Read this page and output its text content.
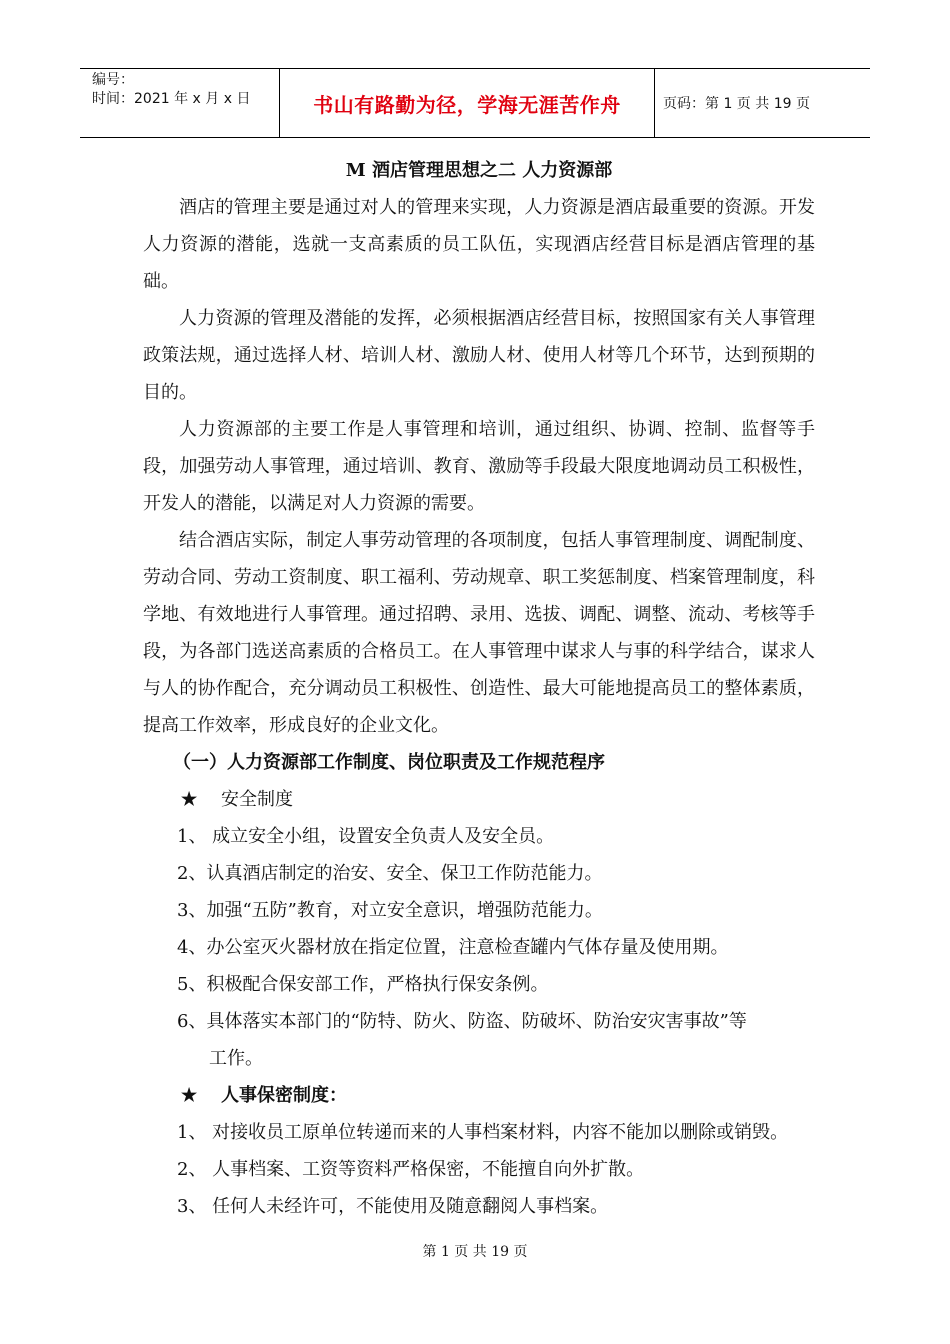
编号：
时间：2021 年 x 月 x 日	书山有路勤为径，学海无涯苦作舟	页码：第 1 页 共 19 页
M 酒店管理思想之二 人力资源部

酒店的管理主要是通过对人的管理来实现，人力资源是酒店最重要的资源。开发人力资源的潜能，选就一支高素质的员工队伍，实现酒店经营目标是酒店管理的基础。

人力资源的管理及潜能的发挥，必须根据酒店经营目标，按照国家有关人事管理政策法规，通过选择人材、培训人材、激励人材、使用人材等几个环节，达到预期的目的。

人力资源部的主要工作是人事管理和培训，通过组织、协调、控制、监督等手段，加强劳动人事管理，通过培训、教育、激励等手段最大限度地调动员工积极性，开发人的潜能，以满足对人力资源的需要。

结合酒店实际，制定人事劳动管理的各项制度，包括人事管理制度、调配制度、劳动合同、劳动工资制度、职工福利、劳动规章、职工奖惩制度、档案管理制度，科学地、有效地进行人事管理。通过招聘、录用、选拔、调配、调整、流动、考核等手段，为各部门选送高素质的合格员工。在人事管理中谋求人与事的科学结合，谋求人与人的协作配合，充分调动员工积极性、创造性、最大可能地提高员工的整体素质，提高工作效率，形成良好的企业文化。

（一）人力资源部工作制度、岗位职责及工作规范程序
★ 安全制度
1、 成立安全小组，设置安全负责人及安全员。
2、认真酒店制定的治安、安全、保卫工作防范能力。
3、加强“五防”教育，对立安全意识，增强防范能力。
4、办公室灭火器材放在指定位置，注意检查罐内气体存量及使用期。
5、积极配合保安部工作，严格执行保安条例。
6、具体落实本部门的“防特、防火、防盗、防破坏、防治安灾害事故”等
工作。
★ 人事保密制度：
1、 对接收员工原单位转递而来的人事档案材料，内容不能加以删除或销毁。
2、 人事档案、工资等资料严格保密，不能擅自向外扩散。
3、 任何人未经许可，不能使用及随意翻阅人事档案。
第 1 页 共 19 页
